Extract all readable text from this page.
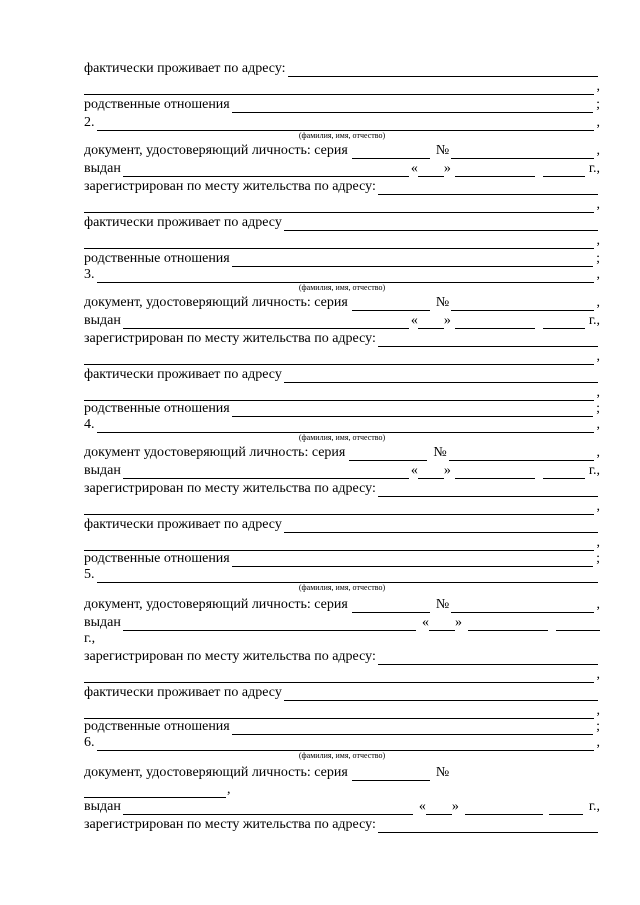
фактически проживает по адресу:
,
родственные отношения	;
2.	,
(фамилия, имя, отчество)
документ, удостоверяющий личность: серия	№	,
выдан	« »	г.,
зарегистрирован по месту жительства по адресу:
,
фактически проживает по адресу
,
родственные отношения	;
3.	,
(фамилия, имя, отчество)
документ, удостоверяющий личность: серия	№	,
выдан	« »	г.,
зарегистрирован по месту жительства по адресу:
,
фактически проживает по адресу
,
родственные отношения	;
4.	,
(фамилия, имя, отчество)
документ удостоверяющий личность: серия	№	,
выдан	« »	г.,
зарегистрирован по месту жительства по адресу:
,
фактически проживает по адресу
,
родственные отношения	;
5.
(фамилия, имя, отчество)
документ, удостоверяющий личность: серия	№	,
выдан	« »
г.,
зарегистрирован по месту жительства по адресу:
,
фактически проживает по адресу
,
родственные отношения	;
6.	,
(фамилия, имя, отчество)
документ, удостоверяющий личность: серия	№
,
выдан	« »	г.,
зарегистрирован по месту жительства по адресу:
